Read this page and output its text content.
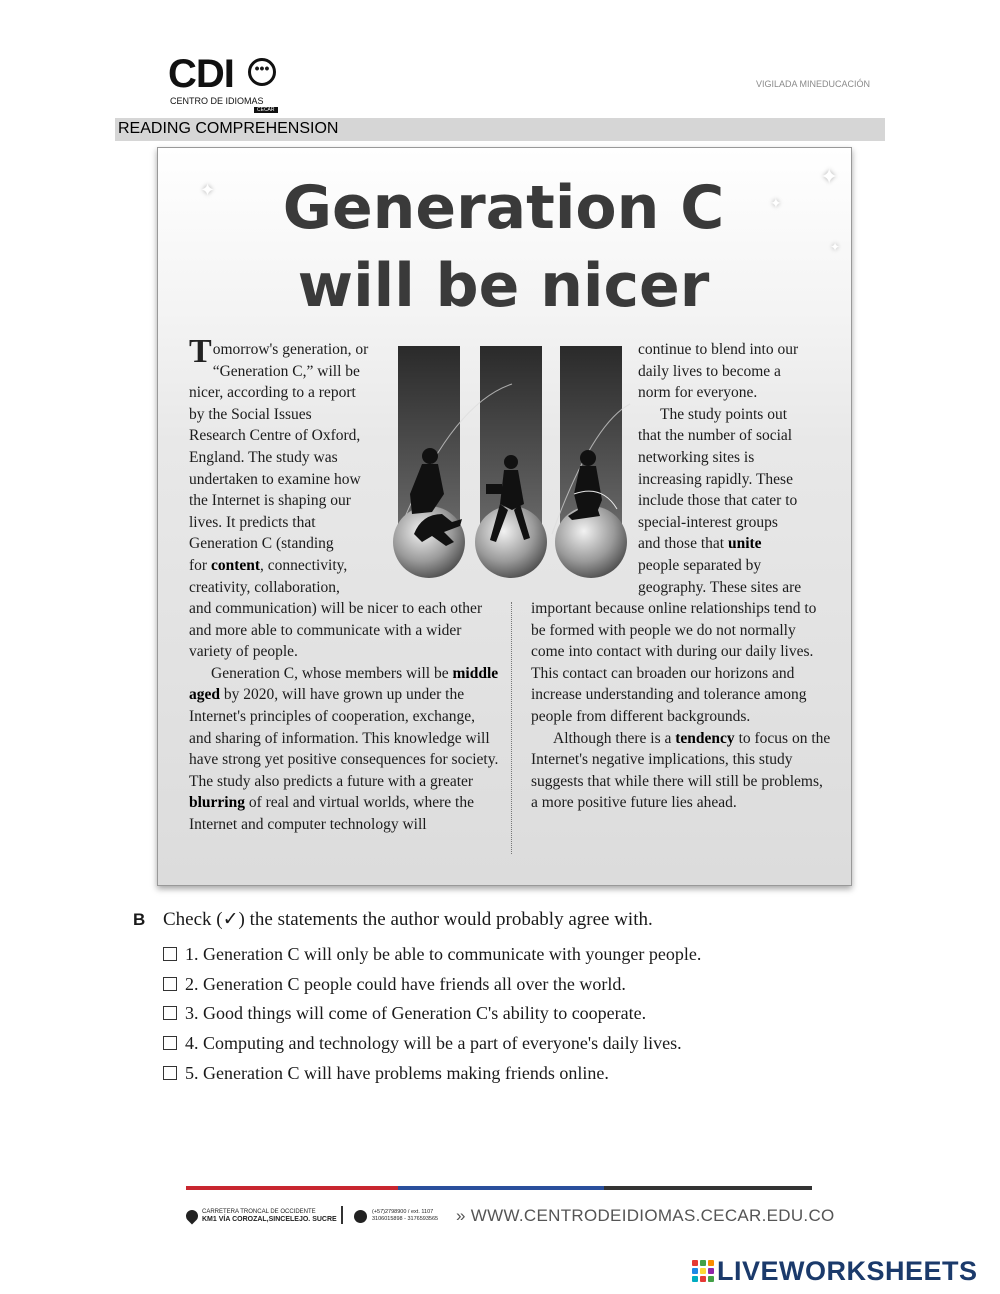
CDI	•••
CENTRO DE IDIOMAS
CECAR
VIGILADA MINEDUCACIÓN
READING COMPREHENSION
✦
✦
✦
✦
Generation C
will be nicer

Tomorrow's generation, or

“Generation C,” will be

nicer, according to a report

by the Social Issues

Research Centre of Oxford,

England. The study was

undertaken to examine how

the Internet is shaping our

lives. It predicts that

Generation C (standing

for content, connectivity,

creativity, collaboration,

and communication) will be nicer to each other and more able to communicate with a wider variety of people.

Generation C, whose members will be middle aged by 2020, will have grown up under the Internet's principles of cooperation, exchange, and sharing of information. This knowledge will have strong yet positive consequences for society. The study also predicts a future with a greater blurring of real and virtual worlds, where the Internet and computer technology will

continue to blend into our

daily lives to become a

norm for everyone.

The study points out

that the number of social

networking sites is

increasing rapidly. These

include those that cater to

special-interest groups

and those that unite

people separated by

geography. These sites are

important because online relationships tend to be formed with people we do not normally come into contact with during our daily lives. This contact can broaden our horizons and increase understanding and tolerance among people from different backgrounds.

Although there is a tendency to focus on the Internet's negative implications, this study suggests that while there will still be problems, a more positive future lies ahead.

B Check (✓) the statements the author would probably agree with.
1. Generation C will only be able to communicate with younger people.
2. Generation C people could have friends all over the world.
3. Good things will come of Generation C's ability to cooperate.
4. Computing and technology will be a part of everyone's daily lives.
5. Generation C will have problems making friends online.
CARRETERA TRONCAL DE OCCIDENTE
KM1 VÍA COROZAL,SINCELEJO. SUCRE
(+57)2798900 / ext. 1107
3106015898 - 3176593565 » WWW.CENTRODEIDIOMAS.CECAR.EDU.CO
LIVEWORKSHEETS
